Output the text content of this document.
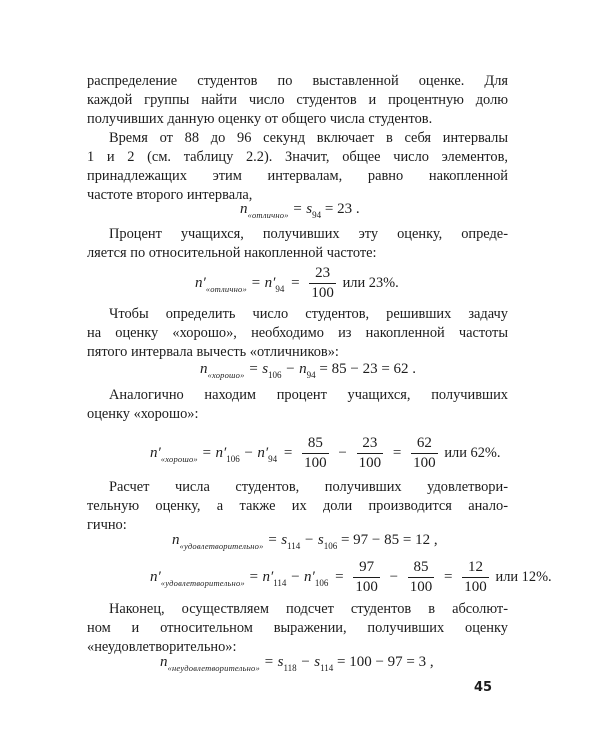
распределение студентов по выставленной оценке. Для

каждой группы найти число студентов и процентную долю

получивших данную оценку от общего числа студентов.

Время от 88 до 96 секунд включает в себя интервалы

1 и 2 (см. таблицу 2.2). Значит, общее число элементов,

принадлежащих этим интервалам, равно накопленной

частоте второго интервала,

$n_{«отлично»} = s_{94} = 23$ .

Процент учащихся, получивших эту оценку, опреде-

ляется по относительной накопленной частоте:

$n'_{«отлично»} = n'_{94} = \frac{23}{100}$ или 23%.

Чтобы определить число студентов, решивших задачу

на оценку «хорошо», необходимо из накопленной частоты

пятого интервала вычесть «отличников»:

$n_{«хорошо»} = s_{106} - n_{94} = 85 - 23 = 62$ .

Аналогично находим процент учащихся, получивших

оценку «хорошо»:

$n'_{«хорошо»} = n'_{106} - n'_{94} = \frac{85}{100} - \frac{23}{100} = \frac{62}{100}$ или 62%.

Расчет числа студентов, получивших удовлетвори-

тельную оценку, а также их доли производится анало-

гично:

$n_{«удовлетворительно»} = s_{114} - s_{106} = 97 - 85 = 12$ ,
$n'_{«удовлетворительно»} = n'_{114} - n'_{106} = \frac{97}{100} - \frac{85}{100} = \frac{12}{100}$ или 12%.

Наконец, осуществляем подсчет студентов в абсолют-

ном и относительном выражении, получивших оценку

«неудовлетворительно»:

$n_{«неудовлетворительно»} = s_{118} - s_{114} = 100 - 97 = 3$ ,
45
